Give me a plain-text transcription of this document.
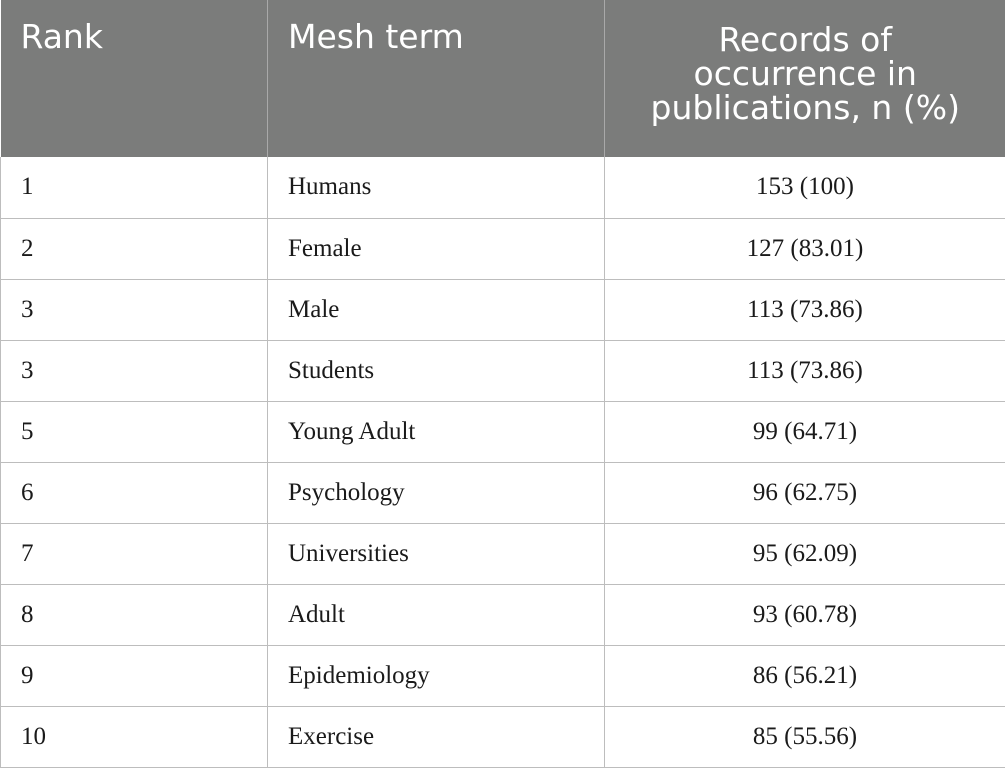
Rank	Mesh term	Records of occurrence in publications, n (%)
1	Humans	153 (100)
2	Female	127 (83.01)
3	Male	113 (73.86)
3	Students	113 (73.86)
5	Young Adult	99 (64.71)
6	Psychology	96 (62.75)
7	Universities	95 (62.09)
8	Adult	93 (60.78)
9	Epidemiology	86 (56.21)
10	Exercise	85 (55.56)
